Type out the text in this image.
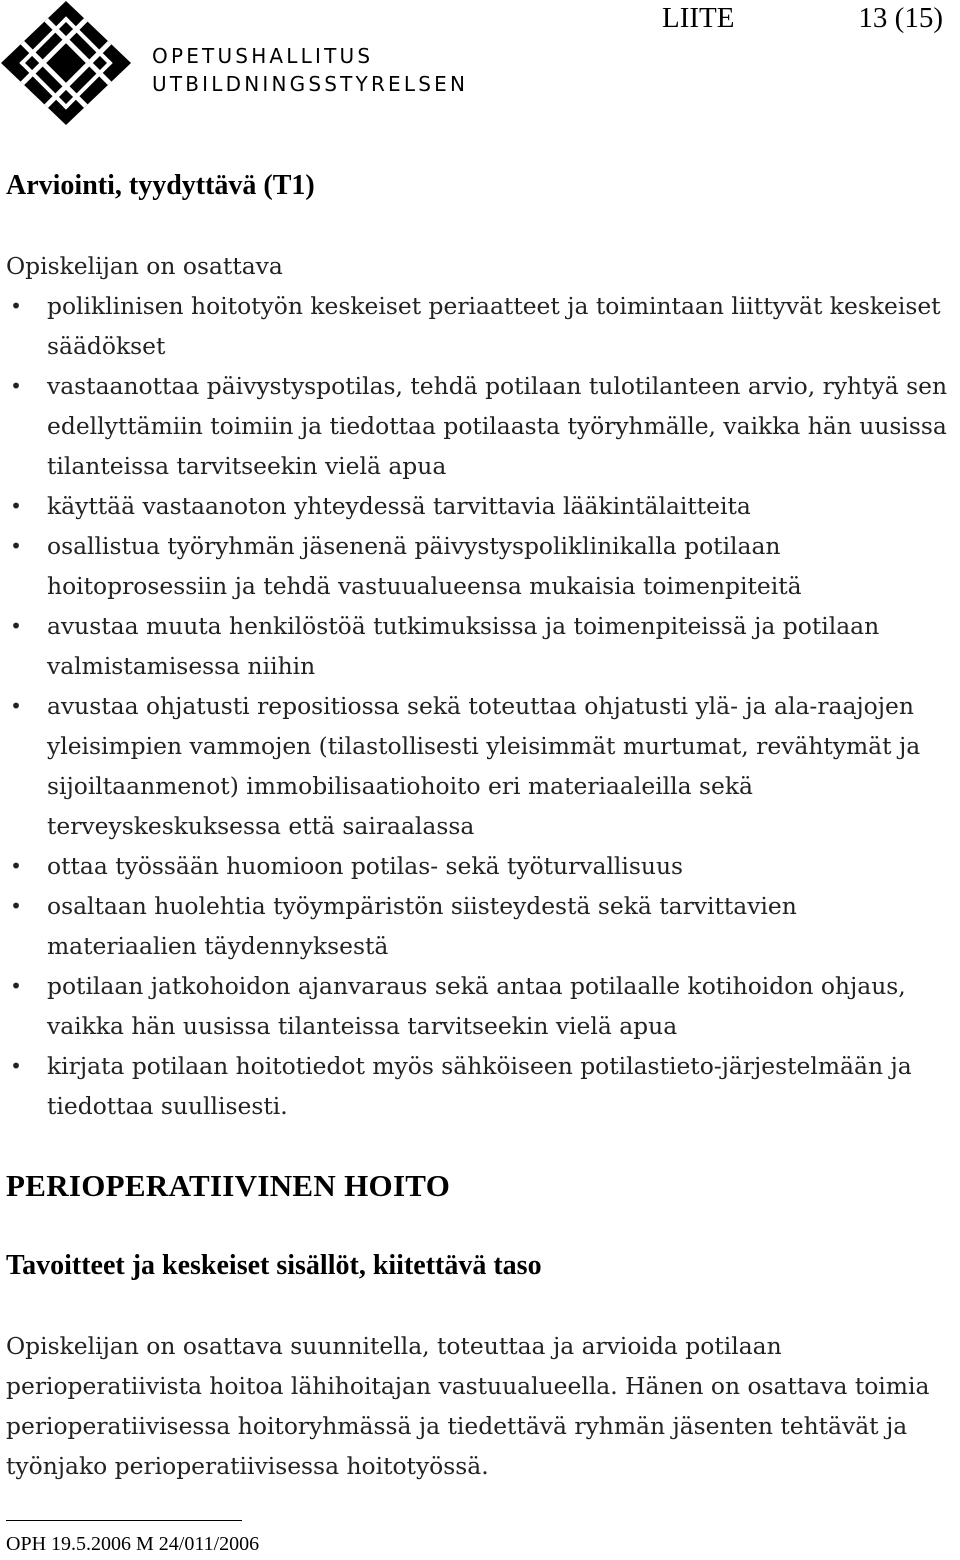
OPETUSHALLITUS
UTBILDNINGSSTYRELSEN
LIITE	13 (15)
Arviointi, tyydyttävä (T1)

Opiskelijan on osattava

• poliklinisen hoitotyön keskeiset periaatteet ja toimintaan liittyvät keskeiset säädökset
• vastaanottaa päivystyspotilas, tehdä potilaan tulotilanteen arvio, ryhtyä sen edellyttämiin toimiin ja tiedottaa potilaasta työryhmälle, vaikka hän uusissa tilanteissa tarvitseekin vielä apua
• käyttää vastaanoton yhteydessä tarvittavia lääkintälaitteita
• osallistua työryhmän jäsenenä päivystyspoliklinikalla potilaan hoitoprosessiin ja tehdä vastuualueensa mukaisia toimenpiteitä
• avustaa muuta henkilöstöä tutkimuksissa ja toimenpiteissä ja potilaan valmistamisessa niihin
• avustaa ohjatusti repositiossa sekä toteuttaa ohjatusti ylä- ja ala-raajojen yleisimpien vammojen (tilastollisesti yleisimmät murtumat, revähtymät ja sijoiltaanmenot) immobilisaatiohoito eri materiaaleilla sekä terveyskeskuksessa että sairaalassa
• ottaa työssään huomioon potilas- sekä työturvallisuus
• osaltaan huolehtia työympäristön siisteydestä sekä tarvittavien materiaalien täydennyksestä
• potilaan jatkohoidon ajanvaraus sekä antaa potilaalle kotihoidon ohjaus, vaikka hän uusissa tilanteissa tarvitseekin vielä apua
• kirjata potilaan hoitotiedot myös sähköiseen potilastieto-järjestelmään ja tiedottaa suullisesti.
PERIOPERATIIVINEN HOITO
Tavoitteet ja keskeiset sisällöt, kiitettävä taso

Opiskelijan on osattava suunnitella, toteuttaa ja arvioida potilaan perioperatiivista hoitoa lähihoitajan vastuualueella. Hänen on osattava toimia perioperatiivisessa hoitoryhmässä ja tiedettävä ryhmän jäsenten tehtävät ja työnjako perioperatiivisessa hoitotyössä.

OPH 19.5.2006 M 24/011/2006
